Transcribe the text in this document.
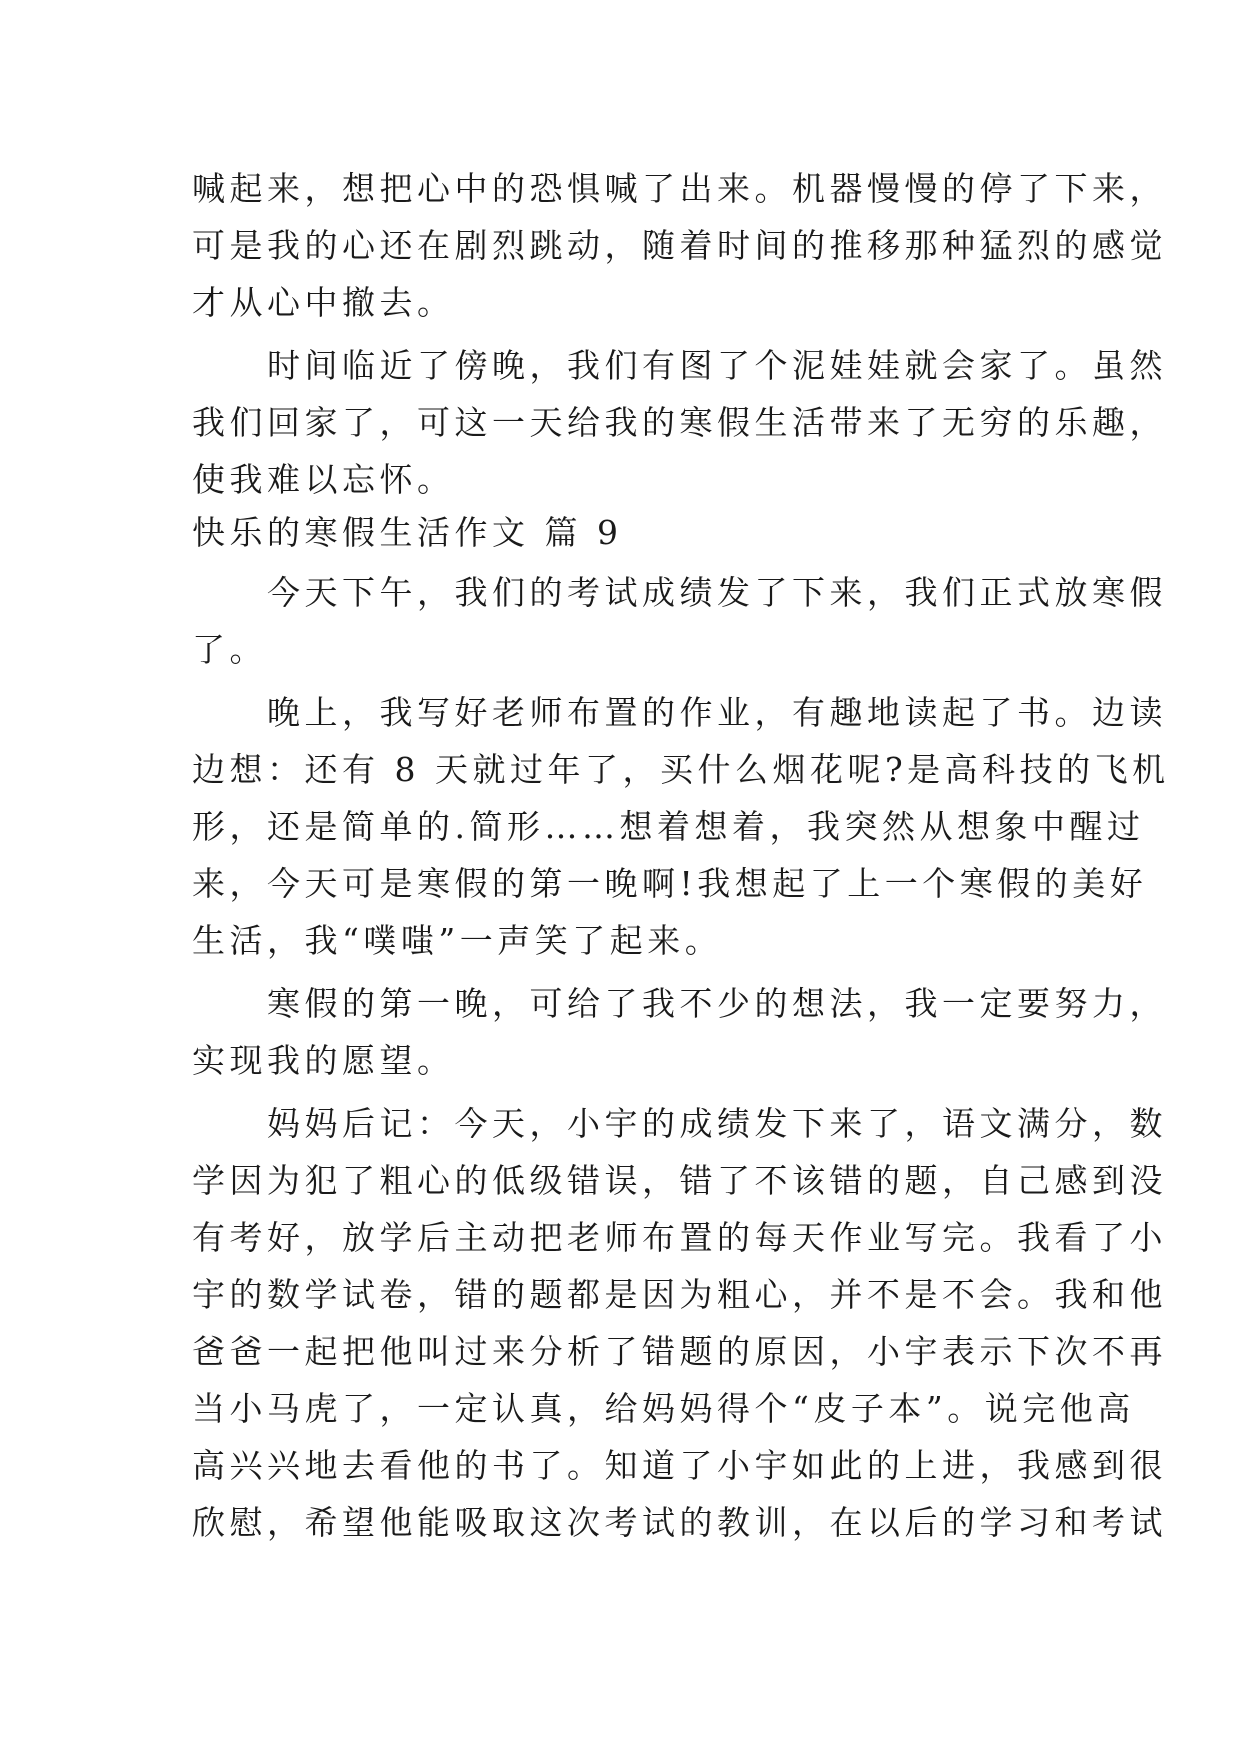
喊起来，想把心中的恐惧喊了出来。机器慢慢的停了下来，
可是我的心还在剧烈跳动，随着时间的推移那种猛烈的感觉
才从心中撤去。
　　时间临近了傍晚，我们有图了个泥娃娃就会家了。虽然
我们回家了，可这一天给我的寒假生活带来了无穷的乐趣，
使我难以忘怀。
快乐的寒假生活作文 篇 9
　　今天下午，我们的考试成绩发了下来，我们正式放寒假
了。
　　晚上，我写好老师布置的作业，有趣地读起了书。边读
边想：还有 8 天就过年了，买什么烟花呢?是高科技的飞机
形，还是简单的.简形……想着想着，我突然从想象中醒过
来，今天可是寒假的第一晚啊!我想起了上一个寒假的美好
生活，我“噗嗤”一声笑了起来。
　　寒假的第一晚，可给了我不少的想法，我一定要努力，
实现我的愿望。
　　妈妈后记：今天，小宇的成绩发下来了，语文满分，数
学因为犯了粗心的低级错误，错了不该错的题，自己感到没
有考好，放学后主动把老师布置的每天作业写完。我看了小
宇的数学试卷，错的题都是因为粗心，并不是不会。我和他
爸爸一起把他叫过来分析了错题的原因，小宇表示下次不再
当小马虎了，一定认真，给妈妈得个“皮子本”。说完他高
高兴兴地去看他的书了。知道了小宇如此的上进，我感到很
欣慰，希望他能吸取这次考试的教训，在以后的学习和考试
